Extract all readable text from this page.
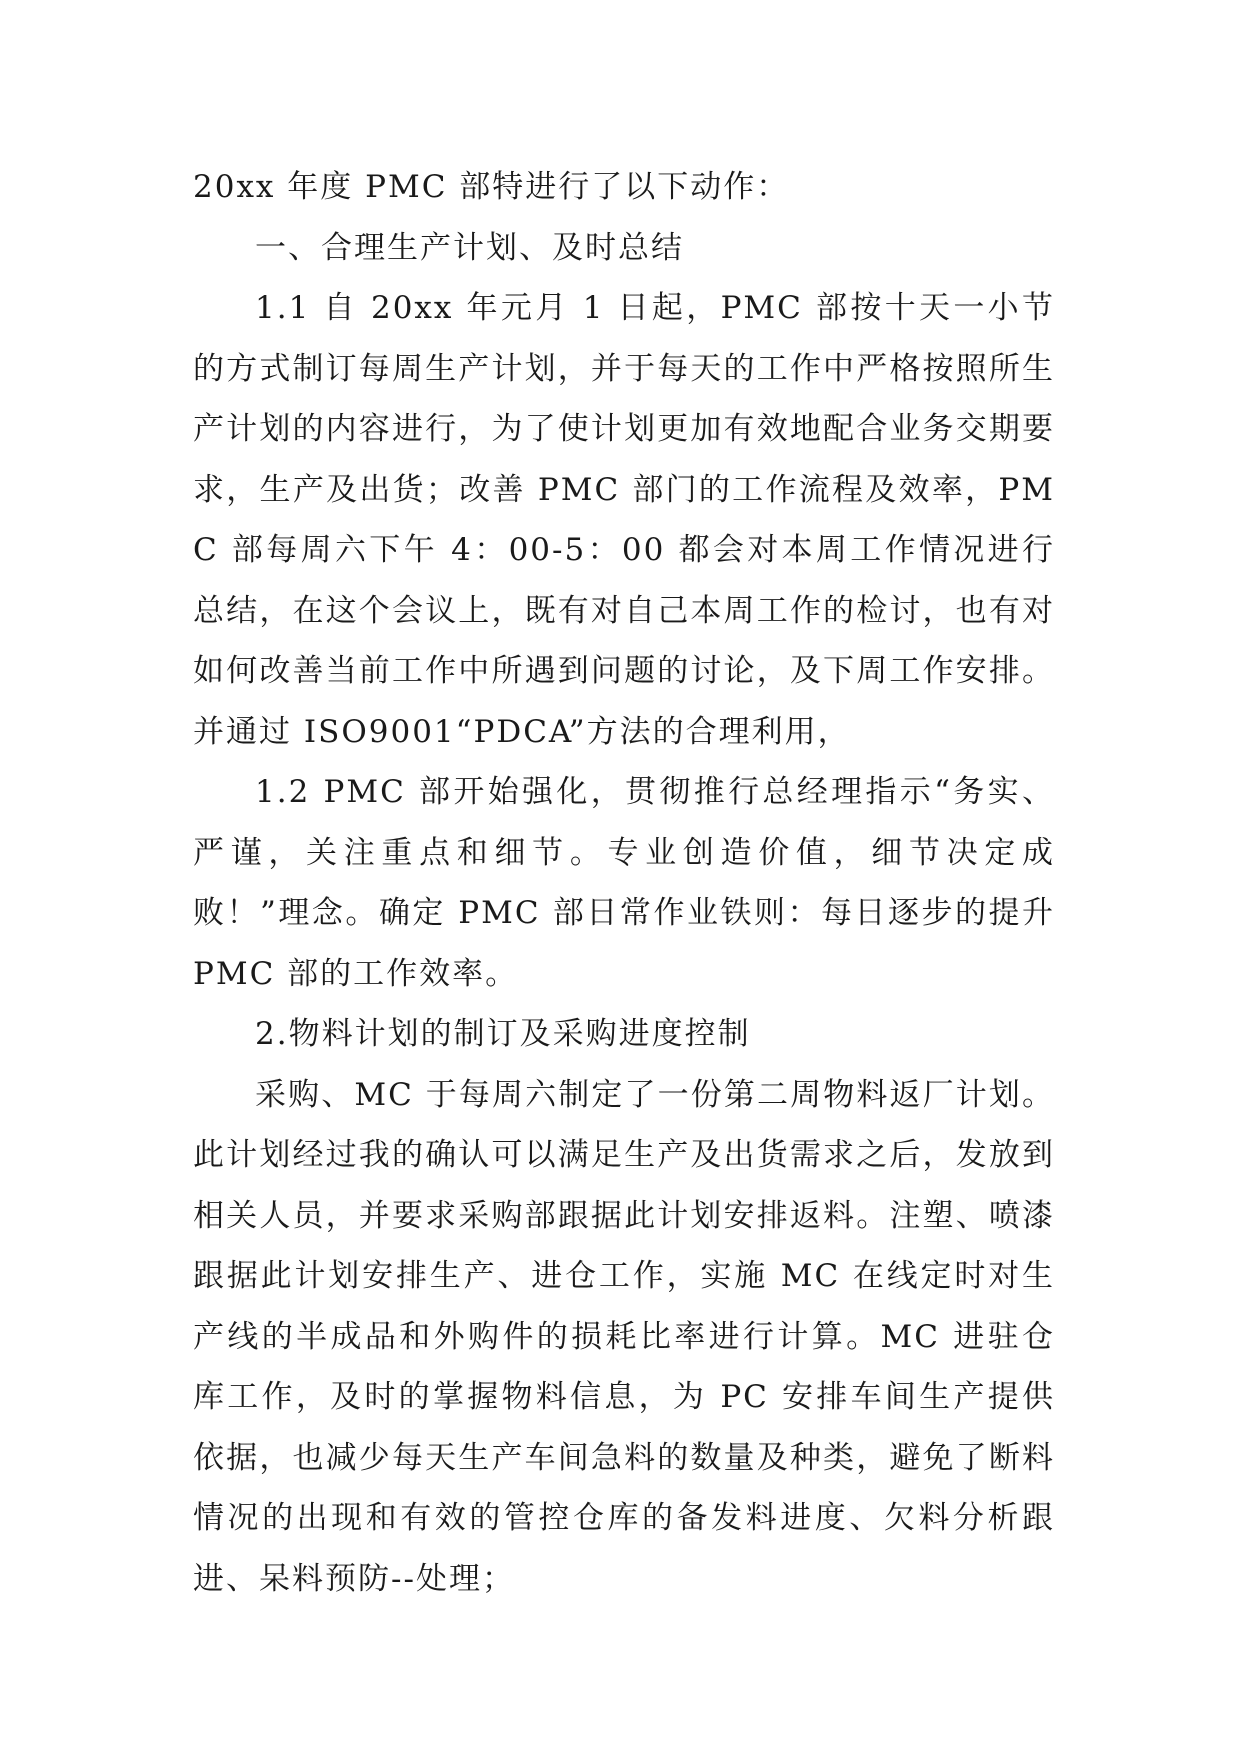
20xx 年度 PMC 部特进行了以下动作：

一、合理生产计划、及时总结

1.1 自 20xx 年元月 1 日起，PMC 部按十天一小节的方式制订每周生产计划，并于每天的工作中严格按照所生产计划的内容进行，为了使计划更加有效地配合业务交期要求，生产及出货；改善 PMC 部门的工作流程及效率，PMC 部每周六下午 4：00-5：00 都会对本周工作情况进行总结，在这个会议上，既有对自己本周工作的检讨，也有对如何改善当前工作中所遇到问题的讨论，及下周工作安排。并通过 ISO9001“PDCA”方法的合理利用，

1.2 PMC 部开始强化，贯彻推行总经理指示“务实、严谨，关注重点和细节。专业创造价值，细节决定成败！”理念。确定 PMC 部日常作业铁则：每日逐步的提升 PMC 部的工作效率。

2.物料计划的制订及采购进度控制

采购、MC 于每周六制定了一份第二周物料返厂计划。此计划经过我的确认可以满足生产及出货需求之后，发放到相关人员，并要求采购部跟据此计划安排返料。注塑、喷漆跟据此计划安排生产、进仓工作，实施 MC 在线定时对生产线的半成品和外购件的损耗比率进行计算。MC 进驻仓库工作，及时的掌握物料信息，为 PC 安排车间生产提供依据，也减少每天生产车间急料的数量及种类，避免了断料情况的出现和有效的管控仓库的备发料进度、欠料分析跟进、呆料预防--处理；
